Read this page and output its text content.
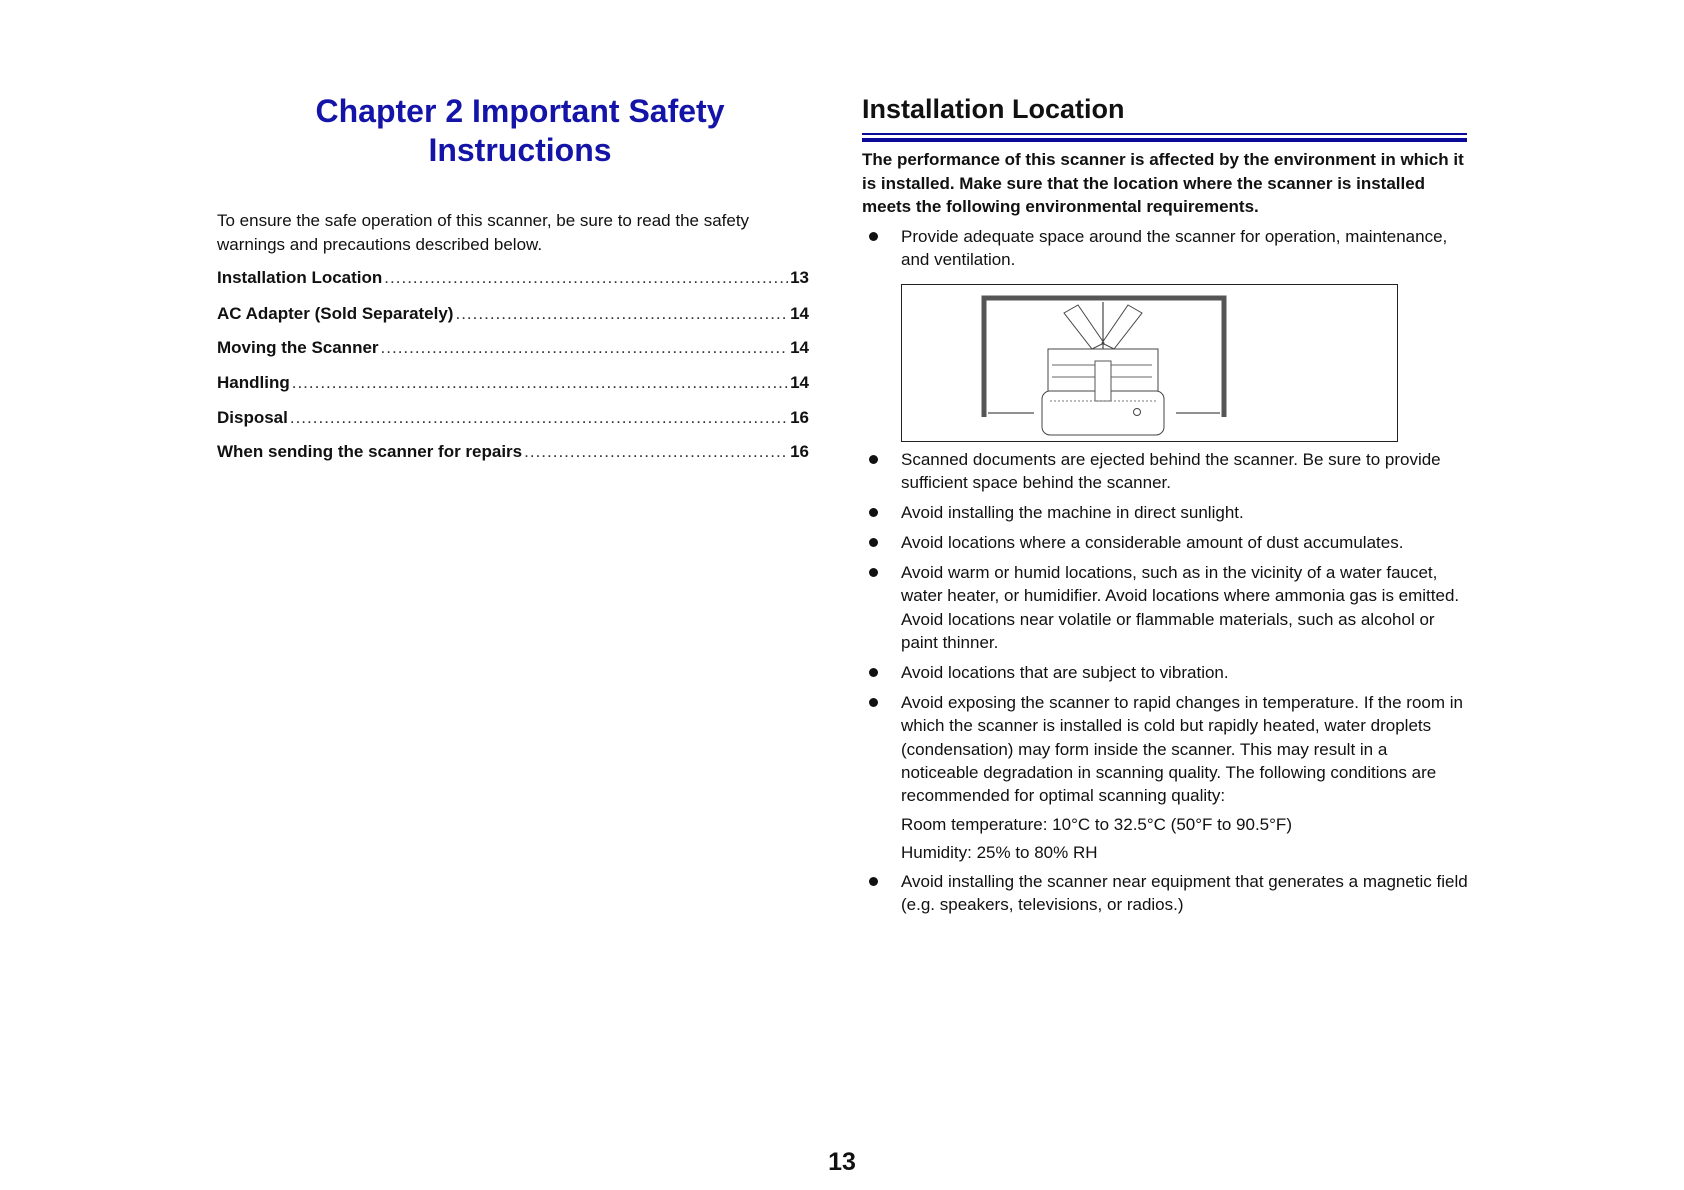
Chapter 2 Important Safety
Instructions
To ensure the safe operation of this scanner, be sure to read the safety warnings and precautions described below.
Installation Location .....	13
AC Adapter (Sold Separately) .....	14
Moving the Scanner .....	14
Handling .....	14
Disposal .....	16
When sending the scanner for repairs .....	16
Installation Location
The performance of this scanner is affected by the environment in which it is installed. Make sure that the location where the scanner is installed meets the following environmental requirements.
Provide adequate space around the scanner for operation, maintenance, and ventilation.
Scanned documents are ejected behind the scanner. Be sure to provide sufficient space behind the scanner.
Avoid installing the machine in direct sunlight.
Avoid locations where a considerable amount of dust accumulates.
Avoid warm or humid locations, such as in the vicinity of a water faucet, water heater, or humidifier. Avoid locations where ammonia gas is emitted. Avoid locations near volatile or flammable materials, such as alcohol or paint thinner.
Avoid locations that are subject to vibration.
Avoid exposing the scanner to rapid changes in temperature. If the room in which the scanner is installed is cold but rapidly heated, water droplets (condensation) may form inside the scanner. This may result in a noticeable degradation in scanning quality. The following conditions are recommended for optimal scanning quality:
Room temperature: 10°C to 32.5°C (50°F to 90.5°F)
Humidity: 25% to 80% RH
Avoid installing the scanner near equipment that generates a magnetic field (e.g. speakers, televisions, or radios.)
13
